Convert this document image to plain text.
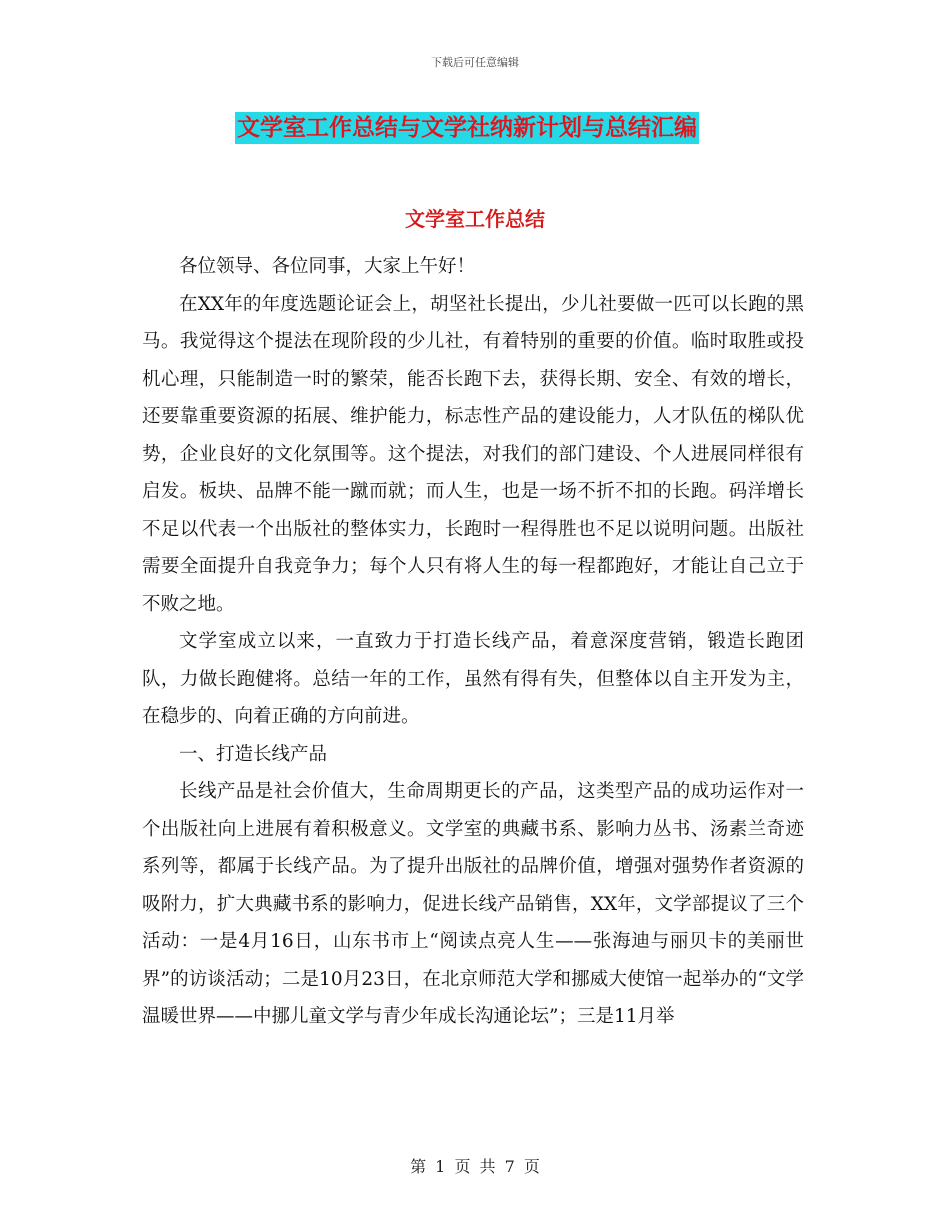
下载后可任意编辑
文学室工作总结与文学社纳新计划与总结汇编
文学室工作总结

各位领导、各位同事，大家上午好！

在XX年的年度选题论证会上，胡坚社长提出，少儿社要做一匹可以长跑的黑马。我觉得这个提法在现阶段的少儿社，有着特别的重要的价值。临时取胜或投机心理，只能制造一时的繁荣，能否长跑下去，获得长期、安全、有效的增长，还要靠重要资源的拓展、维护能力，标志性产品的建设能力，人才队伍的梯队优势，企业良好的文化氛围等。这个提法，对我们的部门建设、个人进展同样很有启发。板块、品牌不能一蹴而就；而人生，也是一场不折不扣的长跑。码洋增长不足以代表一个出版社的整体实力，长跑时一程得胜也不足以说明问题。出版社需要全面提升自我竞争力；每个人只有将人生的每一程都跑好，才能让自己立于不败之地。

文学室成立以来，一直致力于打造长线产品，着意深度营销，锻造长跑团队，力做长跑健将。总结一年的工作，虽然有得有失，但整体以自主开发为主，在稳步的、向着正确的方向前进。

一、打造长线产品

长线产品是社会价值大，生命周期更长的产品，这类型产品的成功运作对一个出版社向上进展有着积极意义。文学室的典藏书系、影响力丛书、汤素兰奇迹系列等，都属于长线产品。为了提升出版社的品牌价值，增强对强势作者资源的吸附力，扩大典藏书系的影响力，促进长线产品销售，XX年，文学部提议了三个活动：一是4月16日，山东书市上“阅读点亮人生——张海迪与丽贝卡的美丽世界”的访谈活动；二是10月23日，在北京师范大学和挪威大使馆一起举办的“文学温暖世界——中挪儿童文学与青少年成长沟通论坛”；三是11月举

第 1 页 共 7 页
